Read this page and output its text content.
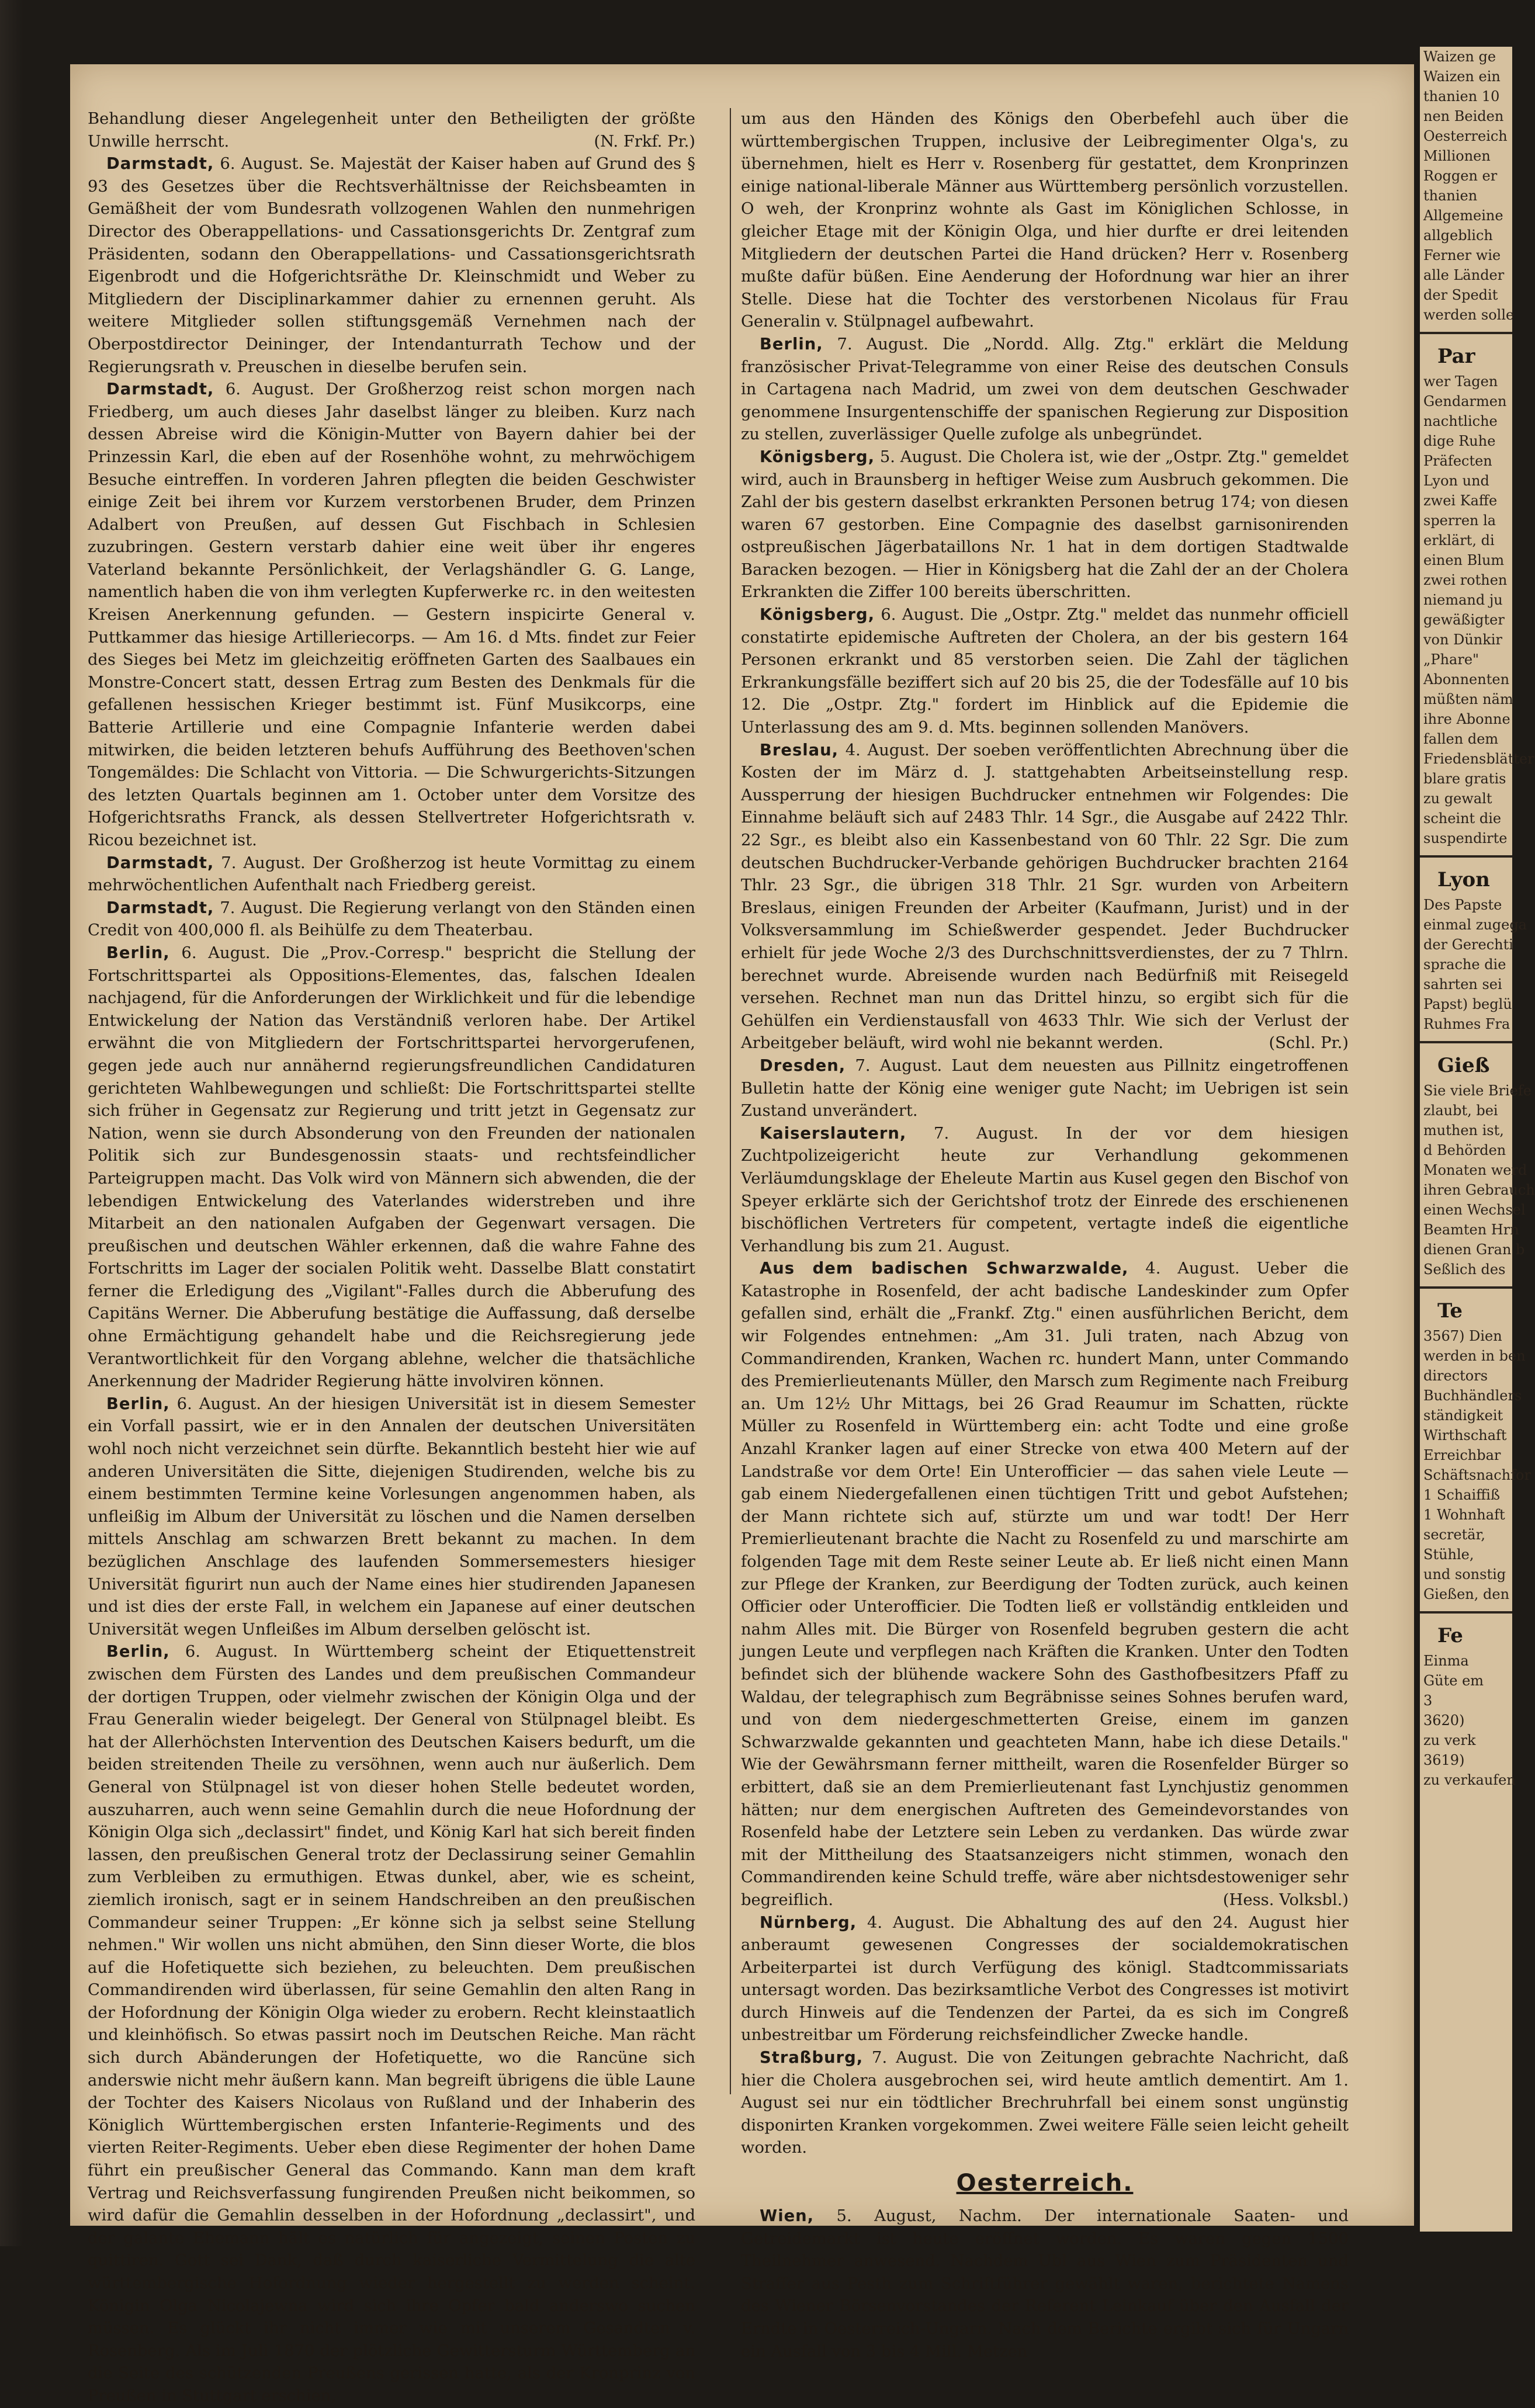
Behandlung dieser Angelegenheit unter den Betheiligten der größte Unwille herrscht.	(N. Frkf. Pr.)

Darmstadt, 6. August. Se. Majestät der Kaiser haben auf Grund des § 93 des Gesetzes über die Rechtsverhältnisse der Reichsbeamten in Gemäßheit der vom Bundesrath vollzogenen Wahlen den nunmehrigen Director des Oberappellations- und Cassationsgerichts Dr. Zentgraf zum Präsidenten, sodann den Oberappellations- und Cassationsgerichtsrath Eigenbrodt und die Hofgerichtsräthe Dr. Kleinschmidt und Weber zu Mitgliedern der Disciplinarkammer dahier zu ernennen geruht. Als weitere Mitglieder sollen stiftungsgemäß Vernehmen nach der Oberpostdirector Deininger, der Intendanturrath Techow und der Regierungsrath v. Preuschen in dieselbe berufen sein.

Darmstadt, 6. August. Der Großherzog reist schon morgen nach Friedberg, um auch dieses Jahr daselbst länger zu bleiben. Kurz nach dessen Abreise wird die Königin-Mutter von Bayern dahier bei der Prinzessin Karl, die eben auf der Rosenhöhe wohnt, zu mehrwöchigem Besuche eintreffen. In vorderen Jahren pflegten die beiden Geschwister einige Zeit bei ihrem vor Kurzem verstorbenen Bruder, dem Prinzen Adalbert von Preußen, auf dessen Gut Fischbach in Schlesien zuzubringen. Gestern verstarb dahier eine weit über ihr engeres Vaterland bekannte Persönlichkeit, der Verlagshändler G. G. Lange, namentlich haben die von ihm verlegten Kupferwerke rc. in den weitesten Kreisen Anerkennung gefunden. — Gestern inspicirte General v. Puttkammer das hiesige Artilleriecorps. — Am 16. d Mts. findet zur Feier des Sieges bei Metz im gleichzeitig eröffneten Garten des Saalbaues ein Monstre-Concert statt, dessen Ertrag zum Besten des Denkmals für die gefallenen hessischen Krieger bestimmt ist. Fünf Musikcorps, eine Batterie Artillerie und eine Compagnie Infanterie werden dabei mitwirken, die beiden letzteren behufs Aufführung des Beethoven'schen Tongemäldes: Die Schlacht von Vittoria. — Die Schwurgerichts-Sitzungen des letzten Quartals beginnen am 1. October unter dem Vorsitze des Hofgerichtsraths Franck, als dessen Stellvertreter Hofgerichtsrath v. Ricou bezeichnet ist.

Darmstadt, 7. August. Der Großherzog ist heute Vormittag zu einem mehrwöchentlichen Aufenthalt nach Friedberg gereist.

Darmstadt, 7. August. Die Regierung verlangt von den Ständen einen Credit von 400,000 fl. als Beihülfe zu dem Theaterbau.

Berlin, 6. August. Die „Prov.-Corresp." bespricht die Stellung der Fortschrittspartei als Oppositions-Elementes, das, falschen Idealen nachjagend, für die Anforderungen der Wirklichkeit und für die lebendige Entwickelung der Nation das Verständniß verloren habe. Der Artikel erwähnt die von Mitgliedern der Fortschrittspartei hervorgerufenen, gegen jede auch nur annähernd regierungsfreundlichen Candidaturen gerichteten Wahlbewegungen und schließt: Die Fortschrittspartei stellte sich früher in Gegensatz zur Regierung und tritt jetzt in Gegensatz zur Nation, wenn sie durch Absonderung von den Freunden der nationalen Politik sich zur Bundesgenossin staats- und rechtsfeindlicher Parteigruppen macht. Das Volk wird von Männern sich abwenden, die der lebendigen Entwickelung des Vaterlandes widerstreben und ihre Mitarbeit an den nationalen Aufgaben der Gegenwart versagen. Die preußischen und deutschen Wähler erkennen, daß die wahre Fahne des Fortschritts im Lager der socialen Politik weht. Dasselbe Blatt constatirt ferner die Erledigung des „Vigilant"-Falles durch die Abberufung des Capitäns Werner. Die Abberufung bestätige die Auffassung, daß derselbe ohne Ermächtigung gehandelt habe und die Reichsregierung jede Verantwortlichkeit für den Vorgang ablehne, welcher die thatsächliche Anerkennung der Madrider Regierung hätte involviren können.

Berlin, 6. August. An der hiesigen Universität ist in diesem Semester ein Vorfall passirt, wie er in den Annalen der deutschen Universitäten wohl noch nicht verzeichnet sein dürfte. Bekanntlich besteht hier wie auf anderen Universitäten die Sitte, diejenigen Studirenden, welche bis zu einem bestimmten Termine keine Vorlesungen angenommen haben, als unfleißig im Album der Universität zu löschen und die Namen derselben mittels Anschlag am schwarzen Brett bekannt zu machen. In dem bezüglichen Anschlage des laufenden Sommersemesters hiesiger Universität figurirt nun auch der Name eines hier studirenden Japanesen und ist dies der erste Fall, in welchem ein Japanese auf einer deutschen Universität wegen Unfleißes im Album derselben gelöscht ist.

Berlin, 6. August. In Württemberg scheint der Etiquettenstreit zwischen dem Fürsten des Landes und dem preußischen Commandeur der dortigen Truppen, oder vielmehr zwischen der Königin Olga und der Frau Generalin wieder beigelegt. Der General von Stülpnagel bleibt. Es hat der Allerhöchsten Intervention des Deutschen Kaisers bedurft, um die beiden streitenden Theile zu versöhnen, wenn auch nur äußerlich. Dem General von Stülpnagel ist von dieser hohen Stelle bedeutet worden, auszuharren, auch wenn seine Gemahlin durch die neue Hofordnung der Königin Olga sich „declassirt" findet, und König Karl hat sich bereit finden lassen, den preußischen General trotz der Declassirung seiner Gemahlin zum Verbleiben zu ermuthigen. Etwas dunkel, aber, wie es scheint, ziemlich ironisch, sagt er in seinem Handschreiben an den preußischen Commandeur seiner Truppen: „Er könne sich ja selbst seine Stellung nehmen." Wir wollen uns nicht abmühen, den Sinn dieser Worte, die blos auf die Hofetiquette sich beziehen, zu beleuchten. Dem preußischen Commandirenden wird überlassen, für seine Gemahlin den alten Rang in der Hofordnung der Königin Olga wieder zu erobern. Recht kleinstaatlich und kleinhöfisch. So etwas passirt noch im Deutschen Reiche. Man rächt sich durch Abänderungen der Hofetiquette, wo die Rancüne sich anderswie nicht mehr äußern kann. Man begreift übrigens die üble Laune der Tochter des Kaisers Nicolaus von Rußland und der Inhaberin des Königlich Württembergischen ersten Infanterie-Regiments und des vierten Reiter-Regiments. Ueber eben diese Regimenter der hohen Dame führt ein preußischer General das Commando. Kann man dem kraft Vertrag und Reichsverfassung fungirenden Preußen nicht beikommen, so wird dafür die Gemahlin desselben in der Hofordnung „declassirt", und der galante Ehemann hält es natürlich für angezeigt, seinen Posten zu quittiren. Gott sei Dank, daß durch kaiserliche Vermittelung die alte württembergische Hofordnung wieder hergestellt zu werden scheint. Königin Olga Nicolajewna wird sich ihre Opfer bald anderswo suchen müssen. Es glückt ihr nicht immer wie mit unserem Gesandten v. Rosenberg. Als im Juli 1870 der plötzliche Gewittersturm Württemberg an die Seite des schützenden Preußens gerissen hatte, als der Kronprinz von Preußen in Stuttgart erschien,

um aus den Händen des Königs den Oberbefehl auch über die württembergischen Truppen, inclusive der Leibregimenter Olga's, zu übernehmen, hielt es Herr v. Rosenberg für gestattet, dem Kronprinzen einige national-liberale Männer aus Württemberg persönlich vorzustellen. O weh, der Kronprinz wohnte als Gast im Königlichen Schlosse, in gleicher Etage mit der Königin Olga, und hier durfte er drei leitenden Mitgliedern der deutschen Partei die Hand drücken? Herr v. Rosenberg mußte dafür büßen. Eine Aenderung der Hofordnung war hier an ihrer Stelle. Diese hat die Tochter des verstorbenen Nicolaus für Frau Generalin v. Stülpnagel aufbewahrt.

Berlin, 7. August. Die „Nordd. Allg. Ztg." erklärt die Meldung französischer Privat-Telegramme von einer Reise des deutschen Consuls in Cartagena nach Madrid, um zwei von dem deutschen Geschwader genommene Insurgentenschiffe der spanischen Regierung zur Disposition zu stellen, zuverlässiger Quelle zufolge als unbegründet.

Königsberg, 5. August. Die Cholera ist, wie der „Ostpr. Ztg." gemeldet wird, auch in Braunsberg in heftiger Weise zum Ausbruch gekommen. Die Zahl der bis gestern daselbst erkrankten Personen betrug 174; von diesen waren 67 gestorben. Eine Compagnie des daselbst garnisonirenden ostpreußischen Jägerbataillons Nr. 1 hat in dem dortigen Stadtwalde Baracken bezogen. — Hier in Königsberg hat die Zahl der an der Cholera Erkrankten die Ziffer 100 bereits überschritten.

Königsberg, 6. August. Die „Ostpr. Ztg." meldet das nunmehr officiell constatirte epidemische Auftreten der Cholera, an der bis gestern 164 Personen erkrankt und 85 verstorben seien. Die Zahl der täglichen Erkrankungsfälle beziffert sich auf 20 bis 25, die der Todesfälle auf 10 bis 12. Die „Ostpr. Ztg." fordert im Hinblick auf die Epidemie die Unterlassung des am 9. d. Mts. beginnen sollenden Manövers.

Breslau, 4. August. Der soeben veröffentlichten Abrechnung über die Kosten der im März d. J. stattgehabten Arbeitseinstellung resp. Aussperrung der hiesigen Buchdrucker entnehmen wir Folgendes: Die Einnahme beläuft sich auf 2483 Thlr. 14 Sgr., die Ausgabe auf 2422 Thlr. 22 Sgr., es bleibt also ein Kassenbestand von 60 Thlr. 22 Sgr. Die zum deutschen Buchdrucker-Verbande gehörigen Buchdrucker brachten 2164 Thlr. 23 Sgr., die übrigen 318 Thlr. 21 Sgr. wurden von Arbeitern Breslaus, einigen Freunden der Arbeiter (Kaufmann, Jurist) und in der Volksversammlung im Schießwerder gespendet. Jeder Buchdrucker erhielt für jede Woche 2/3 des Durchschnittsverdienstes, der zu 7 Thlrn. berechnet wurde. Abreisende wurden nach Bedürfniß mit Reisegeld versehen. Rechnet man nun das Drittel hinzu, so ergibt sich für die Gehülfen ein Verdienstausfall von 4633 Thlr. Wie sich der Verlust der Arbeitgeber beläuft, wird wohl nie bekannt werden.	(Schl. Pr.)

Dresden, 7. August. Laut dem neuesten aus Pillnitz eingetroffenen Bulletin hatte der König eine weniger gute Nacht; im Uebrigen ist sein Zustand unverändert.

Kaiserslautern, 7. August. In der vor dem hiesigen Zuchtpolizeigericht heute zur Verhandlung gekommenen Verläumdungsklage der Eheleute Martin aus Kusel gegen den Bischof von Speyer erklärte sich der Gerichtshof trotz der Einrede des erschienenen bischöflichen Vertreters für competent, vertagte indeß die eigentliche Verhandlung bis zum 21. August.

Aus dem badischen Schwarzwalde, 4. August. Ueber die Katastrophe in Rosenfeld, der acht badische Landeskinder zum Opfer gefallen sind, erhält die „Frankf. Ztg." einen ausführlichen Bericht, dem wir Folgendes entnehmen: „Am 31. Juli traten, nach Abzug von Commandirenden, Kranken, Wachen rc. hundert Mann, unter Commando des Premierlieutenants Müller, den Marsch zum Regimente nach Freiburg an. Um 12½ Uhr Mittags, bei 26 Grad Reaumur im Schatten, rückte Müller zu Rosenfeld in Württemberg ein: acht Todte und eine große Anzahl Kranker lagen auf einer Strecke von etwa 400 Metern auf der Landstraße vor dem Orte! Ein Unterofficier — das sahen viele Leute — gab einem Niedergefallenen einen tüchtigen Tritt und gebot Aufstehen; der Mann richtete sich auf, stürzte um und war todt! Der Herr Premierlieutenant brachte die Nacht zu Rosenfeld zu und marschirte am folgenden Tage mit dem Reste seiner Leute ab. Er ließ nicht einen Mann zur Pflege der Kranken, zur Beerdigung der Todten zurück, auch keinen Officier oder Unterofficier. Die Todten ließ er vollständig entkleiden und nahm Alles mit. Die Bürger von Rosenfeld begruben gestern die acht jungen Leute und verpflegen nach Kräften die Kranken. Unter den Todten befindet sich der blühende wackere Sohn des Gasthofbesitzers Pfaff zu Waldau, der telegraphisch zum Begräbnisse seines Sohnes berufen ward, und von dem niedergeschmetterten Greise, einem im ganzen Schwarzwalde gekannten und geachteten Mann, habe ich diese Details." Wie der Gewährsmann ferner mittheilt, waren die Rosenfelder Bürger so erbittert, daß sie an dem Premierlieutenant fast Lynchjustiz genommen hätten; nur dem energischen Auftreten des Gemeindevorstandes von Rosenfeld habe der Letztere sein Leben zu verdanken. Das würde zwar mit der Mittheilung des Staatsanzeigers nicht stimmen, wonach den Commandirenden keine Schuld treffe, wäre aber nichtsdestoweniger sehr begreiflich.	(Hess. Volksbl.)

Nürnberg, 4. August. Die Abhaltung des auf den 24. August hier anberaumt gewesenen Congresses der socialdemokratischen Arbeiterpartei ist durch Verfügung des königl. Stadtcommissariats untersagt worden. Das bezirksamtliche Verbot des Congresses ist motivirt durch Hinweis auf die Tendenzen der Partei, da es sich im Congreß unbestreitbar um Förderung reichsfeindlicher Zwecke handle.

Straßburg, 7. August. Die von Zeitungen gebrachte Nachricht, daß hier die Cholera ausgebrochen sei, wird heute amtlich dementirt. Am 1. August sei nur ein tödtlicher Brechruhrfall bei einem sonst ungünstig disponirten Kranken vorgekommen. Zwei weitere Fälle seien leicht geheilt worden.

Oesterreich.

Wien, 5. August, Nachm. Der internationale Saaten- und Getreidemarkt ist heute eröffnet worden. Es waren gegen 1500 Theilnehmer anwesend. Nachdem Ubl aus Wien zum Präsidenten und Straffer aus Pesth zum Schriftführer gewählt waren, berichtete Namens des Wiener Börsenvorstandes der Referent Leinkauf über den Ausfall der Erndte in Oesterreich-Ungarn. Nach dem Berichte ergibt sich für Ungarn ein Ausfall von 3 bis 4 Mill. Metzen

Waizen ge
Waizen ein
thanien 10
nen Beiden
Oesterreich
Millionen
Roggen er
thanien
Allgemeine
allgeblich
Ferner wie
alle Länder
der Spedit
werden solle
Par
wer Tagen
Gendarmen
nachtliche
dige Ruhe
Präfecten
Lyon und
zwei Kaffe
sperren la
erklärt, di
einen Blum
zwei rothen
niemand ju
gewäßigter
von Dünkir
„Phare"
Abonnenten
müßten näm
ihre Abonne
fallen dem
Friedensblätter
blare gratis
zu gewalt
scheint die
suspendirte
Lyon
Des Papste
einmal zugega
der Gerechti
sprache die
sahrten sei
Papst) beglü
Ruhmes Fra
Gieß
Sie viele Briefe
zlaubt, bei
muthen ist,
d Behörden
Monaten werd
ihren Gebrauch
einen Wechsel
Beamten Hrn
dienen Gran b
Seßlich des
Te
3567) Dien
werden in ben
directors
Buchhändlers
ständigkeit
Wirthschaft
Erreichbar
Schäftsnachfor
1 Schaiffiß
1 Wohnhaft
secretär,
Stühle,
und sonstig
Gießen, den
Fe
Einma
Güte em
3
3620)
zu verk
3619)
zu verkaufen
